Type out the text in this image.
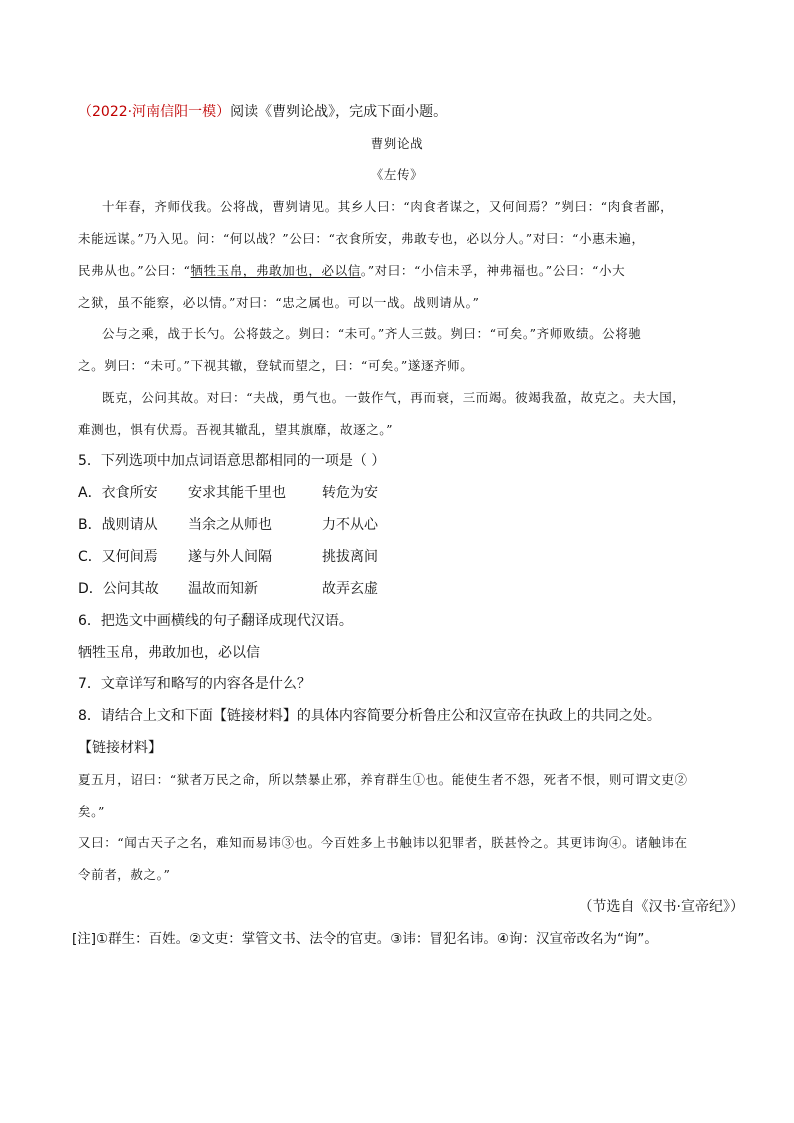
（2022·河南信阳一模）阅读《曹刿论战》，完成下面小题。
曹刿论战
《左传》
十年春，齐师伐我。公将战，曹刿请见。其乡人曰：“肉食者谋之，又何间焉？”刿曰：“肉食者鄙，
未能远谋。”乃入见。问：“何以战？”公曰：“衣食所安，弗敢专也，必以分人。”对曰：“小惠未遍，
民弗从也。”公曰：“牺牲玉帛，弗敢加也，必以信。”对曰：“小信未孚，神弗福也。”公曰：“小大
之狱，虽不能察，必以情。”对曰：“忠之属也。可以一战。战则请从。”
公与之乘，战于长勺。公将鼓之。刿曰：“未可。”齐人三鼓。刿曰：“可矣。”齐师败绩。公将驰
之。刿曰：“未可。”下视其辙，登轼而望之，曰：“可矣。”遂逐齐师。
既克，公问其故。对曰：“夫战，勇气也。一鼓作气，再而衰，三而竭。彼竭我盈，故克之。夫大国，
难测也，惧有伏焉。吾视其辙乱，望其旗靡，故逐之。”
5．下列选项中加点词语意思都相同的一项是（ ）
A．衣食所安 安求其能千里也	转危为安
B．战则请从 当余之从师也	力不从心
C．又何间焉 遂与外人间隔	挑拔离间
D．公问其故 温故而知新	故弄玄虚
6．把选文中画横线的句子翻译成现代汉语。
牺牲玉帛，弗敢加也，必以信
7．文章详写和略写的内容各是什么？
8．请结合上文和下面【链接材料】的具体内容简要分析鲁庄公和汉宣帝在执政上的共同之处。
【链接材料】
夏五月，诏曰：“狱者万民之命，所以禁暴止邪，养育群生①也。能使生者不怨，死者不恨，则可谓文吏②
矣。”
又曰：“闻古天子之名，难知而易讳③也。今百姓多上书触讳以犯罪者，朕甚怜之。其更讳询④。诸触讳在
令前者，赦之。”
（节选自《汉书·宣帝纪》）
[注]①群生：百姓。②文吏：掌管文书、法令的官吏。③讳：冒犯名讳。④询：汉宣帝改名为“询”。
